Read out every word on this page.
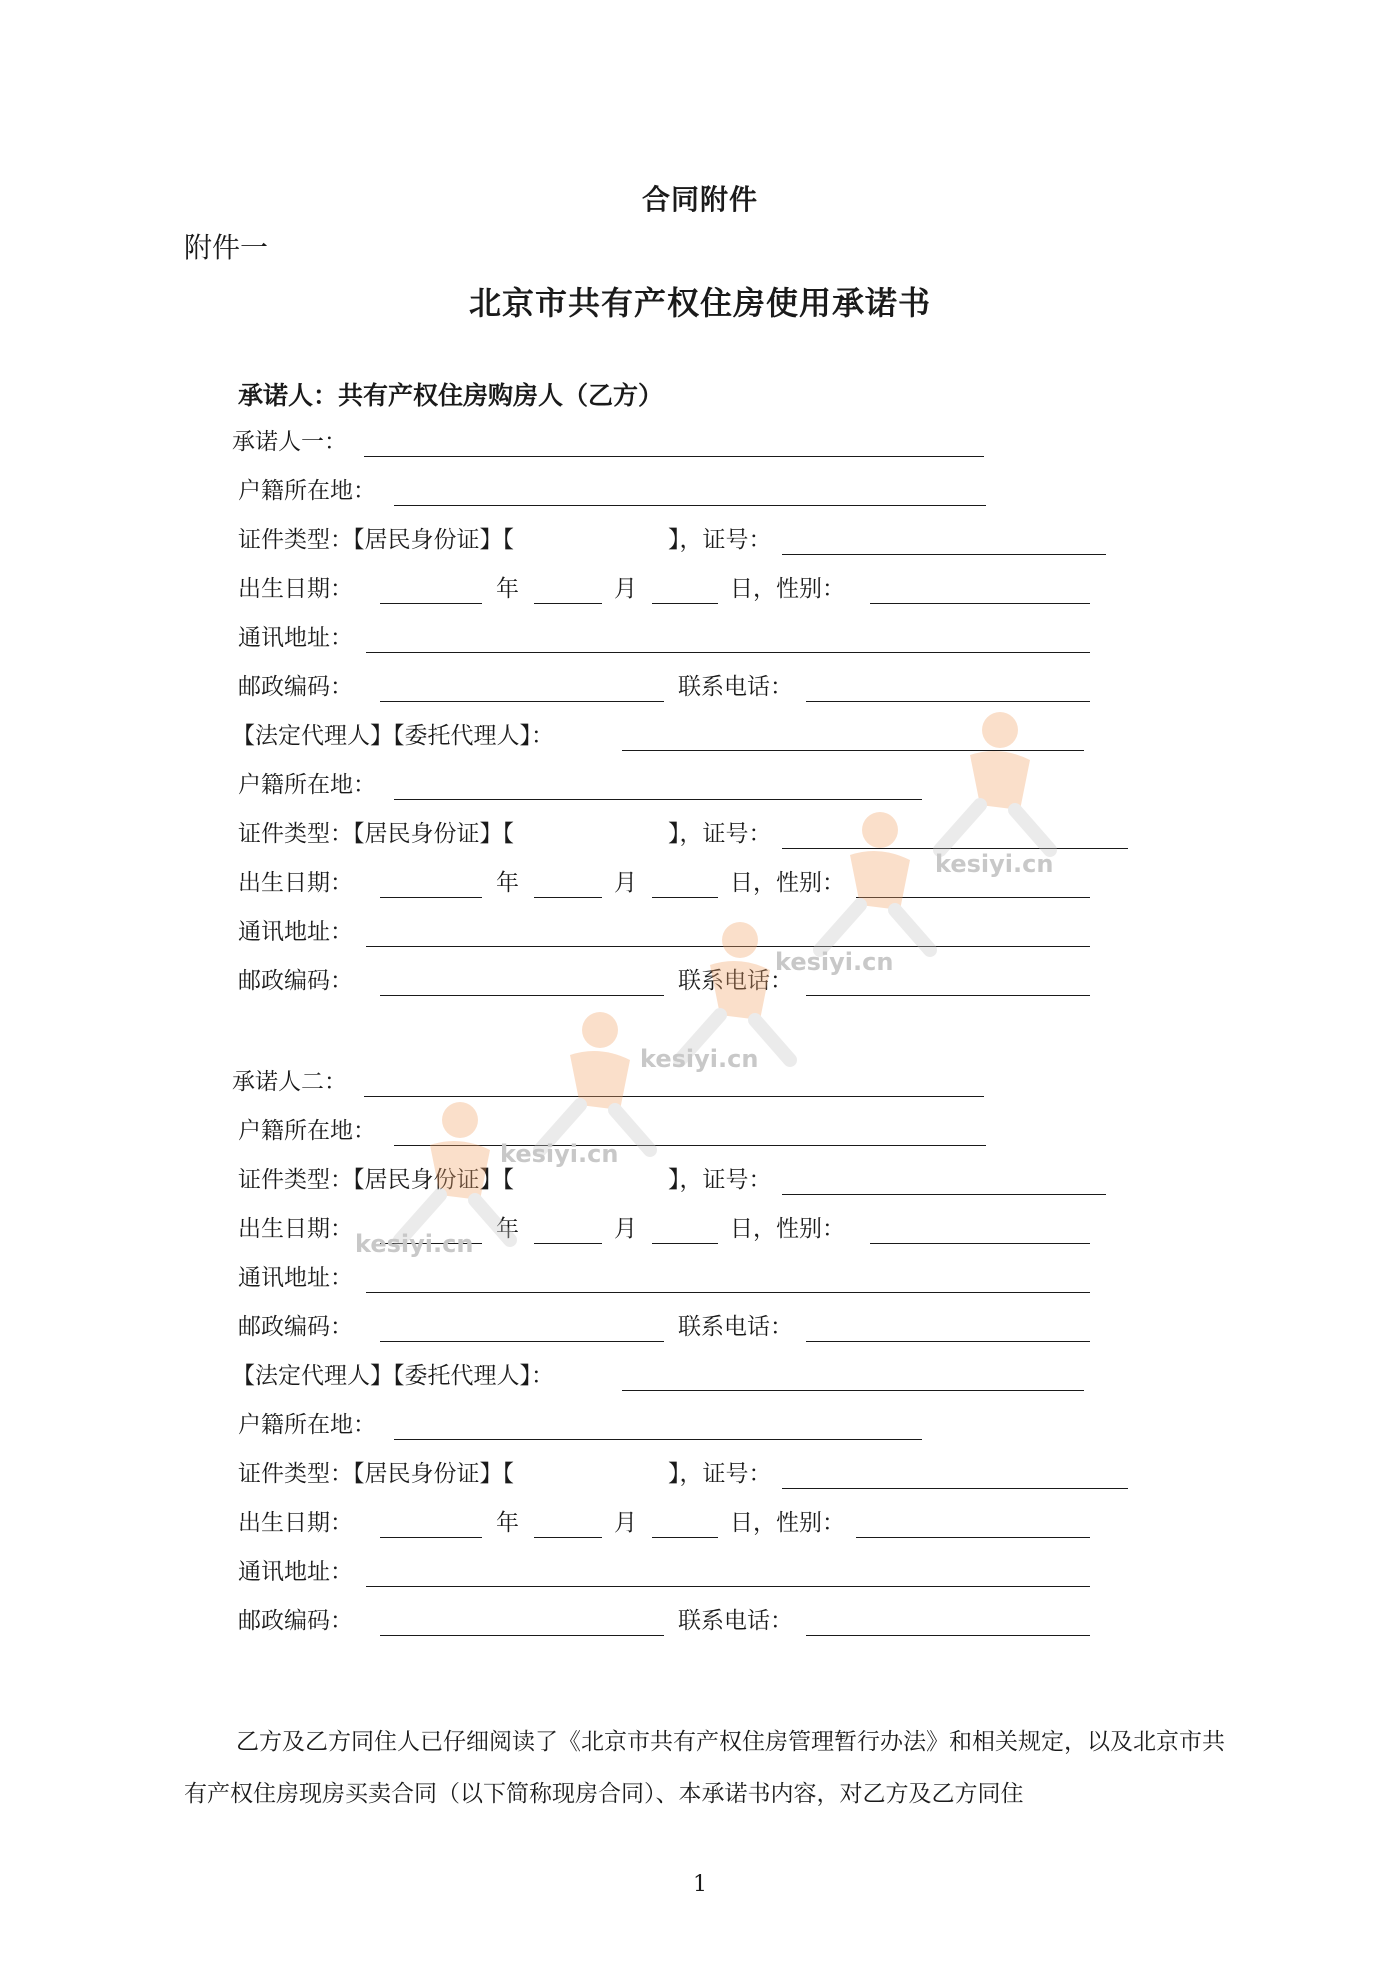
合同附件
附件一
北京市共有产权住房使用承诺书
承诺人：共有产权住房购房人（乙方）
承诺人一：
户籍所在地：
证件类型：【居民身份证】【	】，证号：
出生日期：	年	月	日，性别：
通讯地址：
邮政编码：	联系电话：
【法定代理人】【委托代理人】：
户籍所在地：
证件类型：【居民身份证】【	】，证号：
出生日期：	年	月	日，性别：
通讯地址：
邮政编码：	联系电话：
承诺人二：
户籍所在地：
证件类型：【居民身份证】【	】，证号：
出生日期：	年	月	日，性别：
通讯地址：
邮政编码：	联系电话：
【法定代理人】【委托代理人】：
户籍所在地：
证件类型：【居民身份证】【	】，证号：
出生日期：	年	月	日，性别：
通讯地址：
邮政编码：	联系电话：
乙方及乙方同住人已仔细阅读了《北京市共有产权住房管理暂行办法》和相关规定，以及北京市共有产权住房现房买卖合同（以下简称现房合同）、本承诺书内容，对乙方及乙方同住
1
kesiyi.cn
kesiyi.cn
kesiyi.cn
kesiyi.cn
kesiyi.cn
